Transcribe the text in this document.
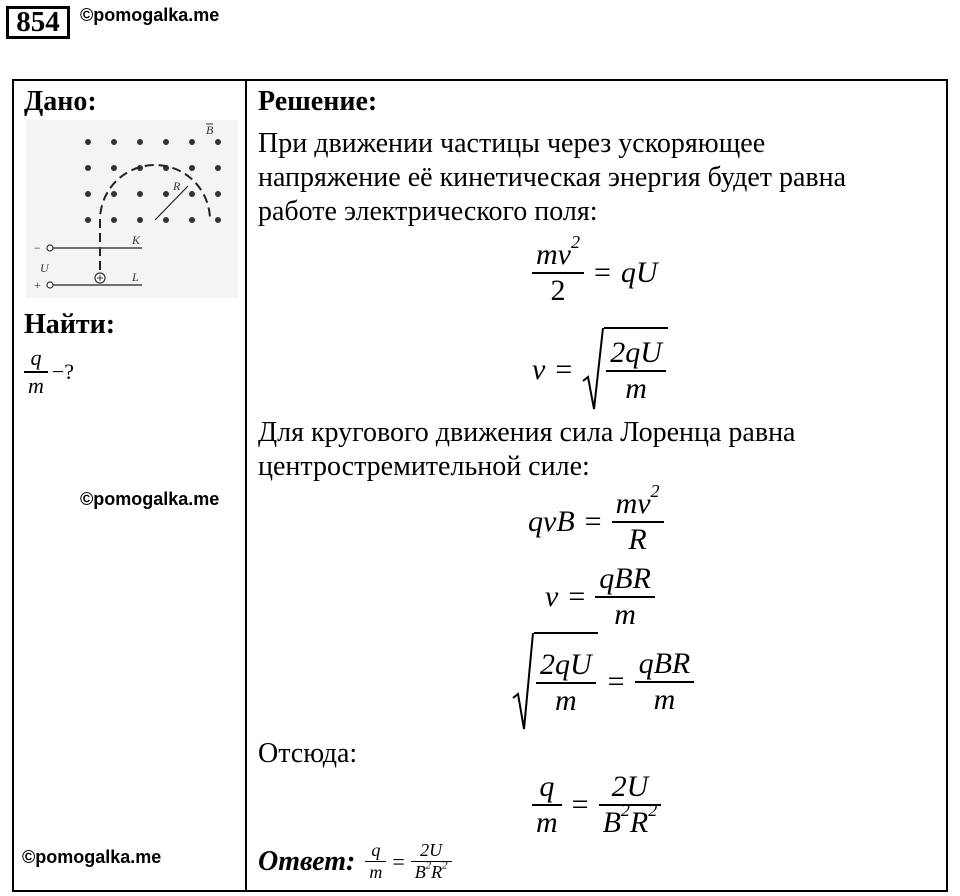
854	©pomogalka.me
Дано:
B
R
U
K
L
−
+
Найти:
$\frac{q}{m}$ −?
©pomogalka.me
©pomogalka.me
Решение:
При движении частицы через ускоряющее
напряжение её кинетическая энергия будет равна
работе электрического поля:
$\frac{mv^2}{2}$ = qU
$v = \frac{2qU}{m}$
Для кругового движения сила Лоренца равна
центростремительной силе:
qvB = $\frac{mv^2}{R}$
$v = \frac{\text{qBR}}{m}$
$\frac{2qU}{m} = \frac{\text{qBR}}{m}$
Отсюда:
$\frac{q}{m} = \frac{2U}{B^2R^2}$
Ответ: $\frac{q}{m} = \frac{2U}{B^2R^2}$
